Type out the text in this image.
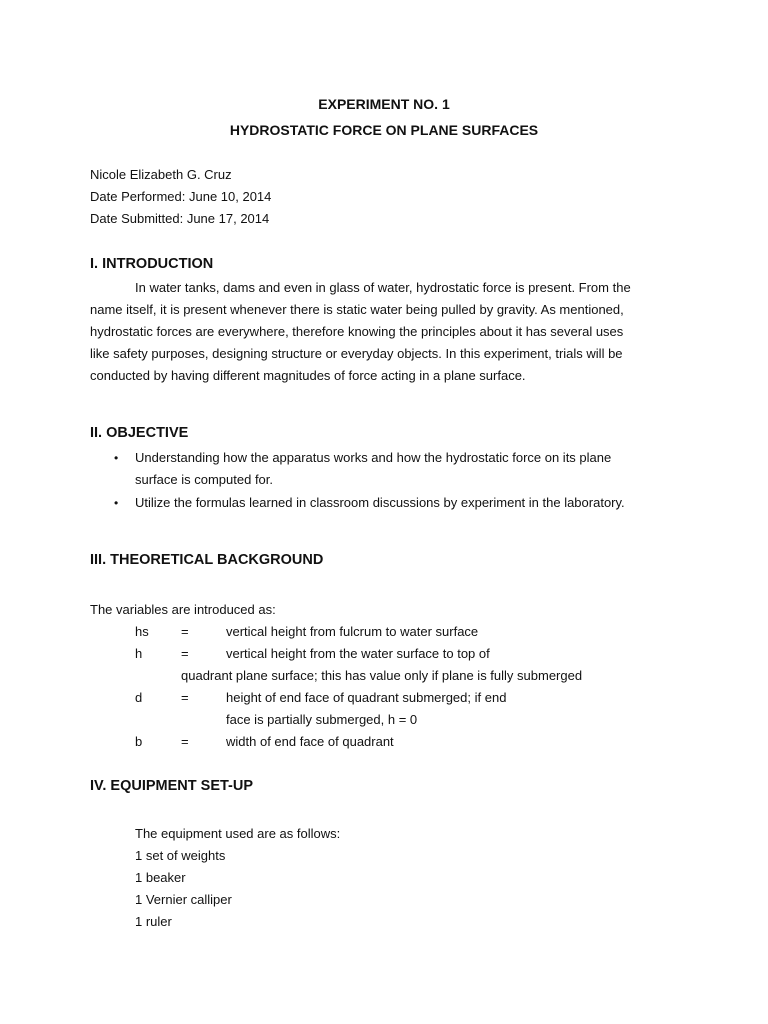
EXPERIMENT NO. 1
HYDROSTATIC FORCE ON PLANE SURFACES
Nicole Elizabeth G. Cruz
Date Performed: June 10, 2014
Date Submitted: June 17, 2014
I. INTRODUCTION
In water tanks, dams and even in glass of water, hydrostatic force is present. From the
name itself, it is present whenever there is static water being pulled by gravity. As mentioned,
hydrostatic forces are everywhere, therefore knowing the principles about it has several uses
like safety purposes, designing structure or everyday objects. In this experiment, trials will be
conducted by having different magnitudes of force acting in a plane surface.
II. OBJECTIVE
• Understanding how the apparatus works and how the hydrostatic force on its plane
surface is computed for.
• Utilize the formulas learned in classroom discussions by experiment in the laboratory.
III. THEORETICAL BACKGROUND
The variables are introduced as:
hs =	vertical height from fulcrum to water surface
h	=	vertical height from the water surface to top of
quadrant plane surface; this has value only if plane is fully submerged
d	=	height of end face of quadrant submerged; if end
face is partially submerged, h = 0
b	=	width of end face of quadrant
IV. EQUIPMENT SET-UP
The equipment used are as follows:
1 set of weights
1 beaker
1 Vernier calliper
1 ruler
